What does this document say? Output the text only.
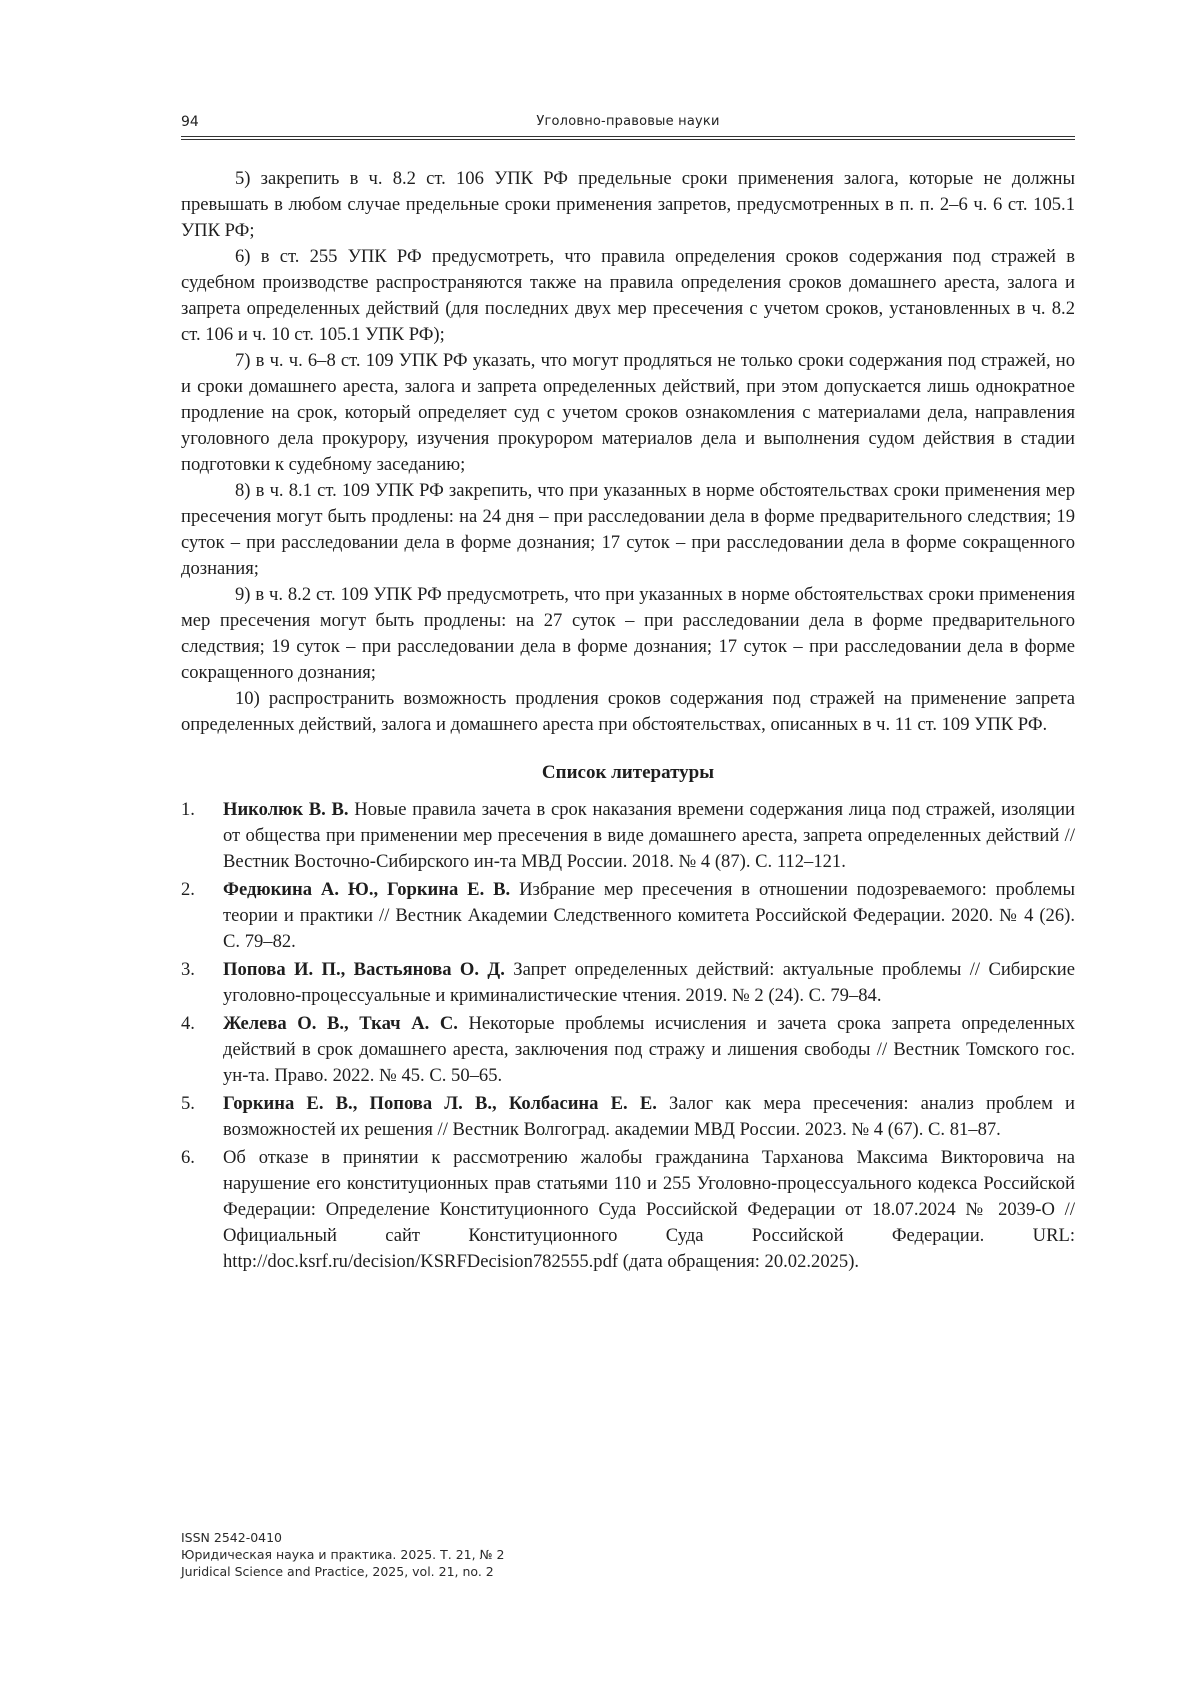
94	Уголовно-правовые науки

5) закрепить в ч. 8.2 ст. 106 УПК РФ предельные сроки применения залога, которые не должны превышать в любом случае предельные сроки применения запретов, предусмотренных в п. п. 2–6 ч. 6 ст. 105.1 УПК РФ;

6) в ст. 255 УПК РФ предусмотреть, что правила определения сроков содержания под стражей в судебном производстве распространяются также на правила определения сроков домашнего ареста, залога и запрета определенных действий (для последних двух мер пресечения с учетом сроков, установленных в ч. 8.2 ст. 106 и ч. 10 ст. 105.1 УПК РФ);

7) в ч. ч. 6–8 ст. 109 УПК РФ указать, что могут продляться не только сроки содержания под стражей, но и сроки домашнего ареста, залога и запрета определенных действий, при этом допускается лишь однократное продление на срок, который определяет суд с учетом сроков ознакомления с материалами дела, направления уголовного дела прокурору, изучения прокурором материалов дела и выполнения судом действия в стадии подготовки к судебному заседанию;

8) в ч. 8.1 ст. 109 УПК РФ закрепить, что при указанных в норме обстоятельствах сроки применения мер пресечения могут быть продлены: на 24 дня – при расследовании дела в форме предварительного следствия; 19 суток – при расследовании дела в форме дознания; 17 суток – при расследовании дела в форме сокращенного дознания;

9) в ч. 8.2 ст. 109 УПК РФ предусмотреть, что при указанных в норме обстоятельствах сроки применения мер пресечения могут быть продлены: на 27 суток – при расследовании дела в форме предварительного следствия; 19 суток – при расследовании дела в форме дознания; 17 суток – при расследовании дела в форме сокращенного дознания;

10) распространить возможность продления сроков содержания под стражей на применение запрета определенных действий, залога и домашнего ареста при обстоятельствах, описанных в ч. 11 ст. 109 УПК РФ.

Список литературы
1. Николюк В. В. Новые правила зачета в срок наказания времени содержания лица под стражей, изоляции от общества при применении мер пресечения в виде домашнего ареста, запрета определенных действий // Вестник Восточно-Сибирского ин-та МВД России. 2018. № 4 (87). С. 112–121.
2. Федюкина А. Ю., Горкина Е. В. Избрание мер пресечения в отношении подозреваемого: проблемы теории и практики // Вестник Академии Следственного комитета Российской Федерации. 2020. № 4 (26). С. 79–82.
3. Попова И. П., Вастьянова О. Д. Запрет определенных действий: актуальные проблемы // Сибирские уголовно-процессуальные и криминалистические чтения. 2019. № 2 (24). С. 79–84.
4. Желева О. В., Ткач А. С. Некоторые проблемы исчисления и зачета срока запрета определенных действий в срок домашнего ареста, заключения под стражу и лишения свободы // Вестник Томского гос. ун-та. Право. 2022. № 45. С. 50–65.
5. Горкина Е. В., Попова Л. В., Колбасина Е. Е. Залог как мера пресечения: анализ проблем и возможностей их решения // Вестник Волгоград. академии МВД России. 2023. № 4 (67). С. 81–87.
6. Об отказе в принятии к рассмотрению жалобы гражданина Тарханова Максима Викторовича на нарушение его конституционных прав статьями 110 и 255 Уголовно-процессуального кодекса Российской Федерации: Определение Конституционного Суда Российской Федерации от 18.07.2024 № 2039-О // Официальный сайт Конституционного Суда Российской Федерации. URL: http://doc.ksrf.ru/decision/KSRFDecision782555.pdf (дата обращения: 20.02.2025).
ISSN 2542-0410
Юридическая наука и практика. 2025. Т. 21, № 2
Juridical Science and Practice, 2025, vol. 21, no. 2
